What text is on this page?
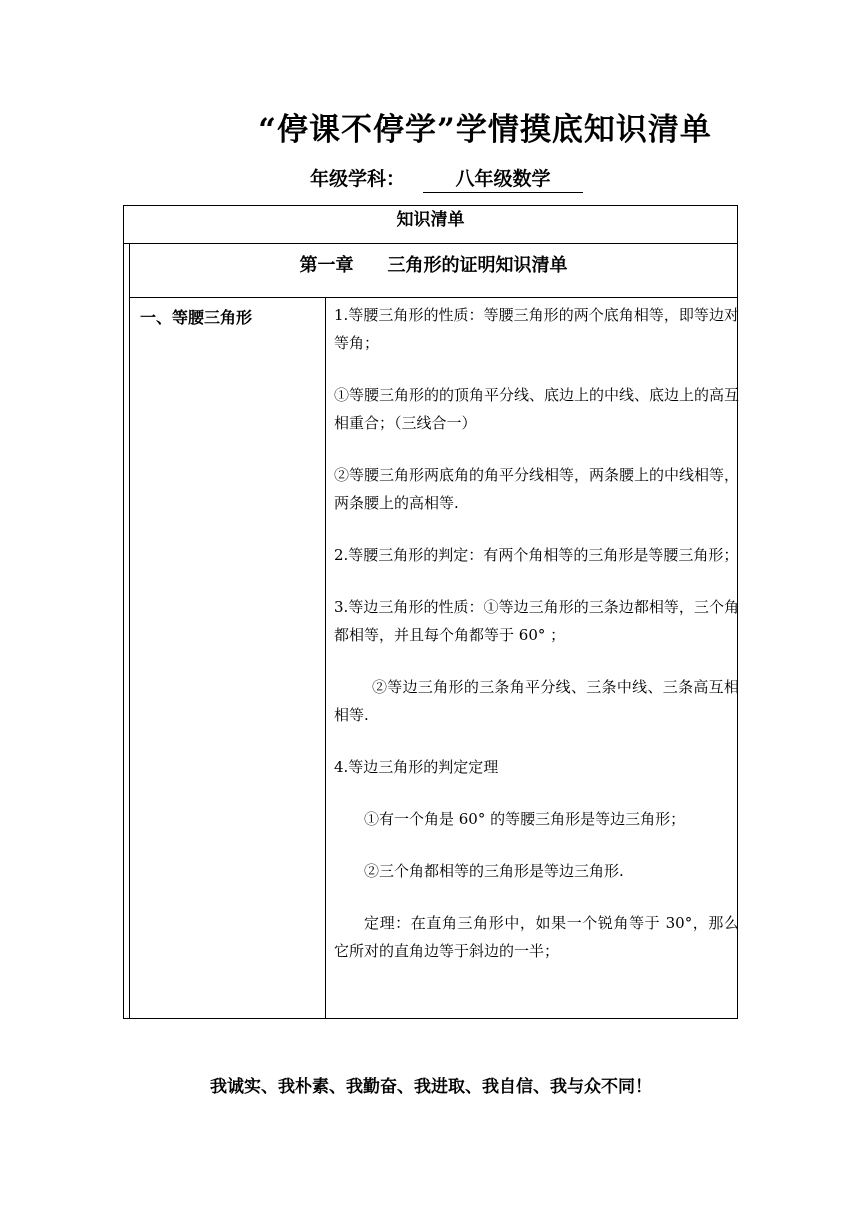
“停课不停学”学情摸底知识清单
年级学科：	八年级数学
知识清单
第一章 三角形的证明知识清单
一、等腰三角形	1.等腰三角形的性质：等腰三角形的两个底角相等，即等边对等角；

①等腰三角形的的顶角平分线、底边上的中线、底边上的高互相重合；（三线合一）

②等腰三角形两底角的角平分线相等，两条腰上的中线相等，两条腰上的高相等.

2.等腰三角形的判定：有两个角相等的三角形是等腰三角形；

3.等边三角形的性质：①等边三角形的三条边都相等，三个角都相等，并且每个角都等于 60° ；

②等边三角形的三条角平分线、三条中线、三条高互相相等.

4.等边三角形的判定定理

①有一个角是 60° 的等腰三角形是等边三角形；

②三个角都相等的三角形是等边三角形.

定理：在直角三角形中，如果一个锐角等于 30°，那么它所对的直角边等于斜边的一半；

我诚实、我朴素、我勤奋、我进取、我自信、我与众不同！
